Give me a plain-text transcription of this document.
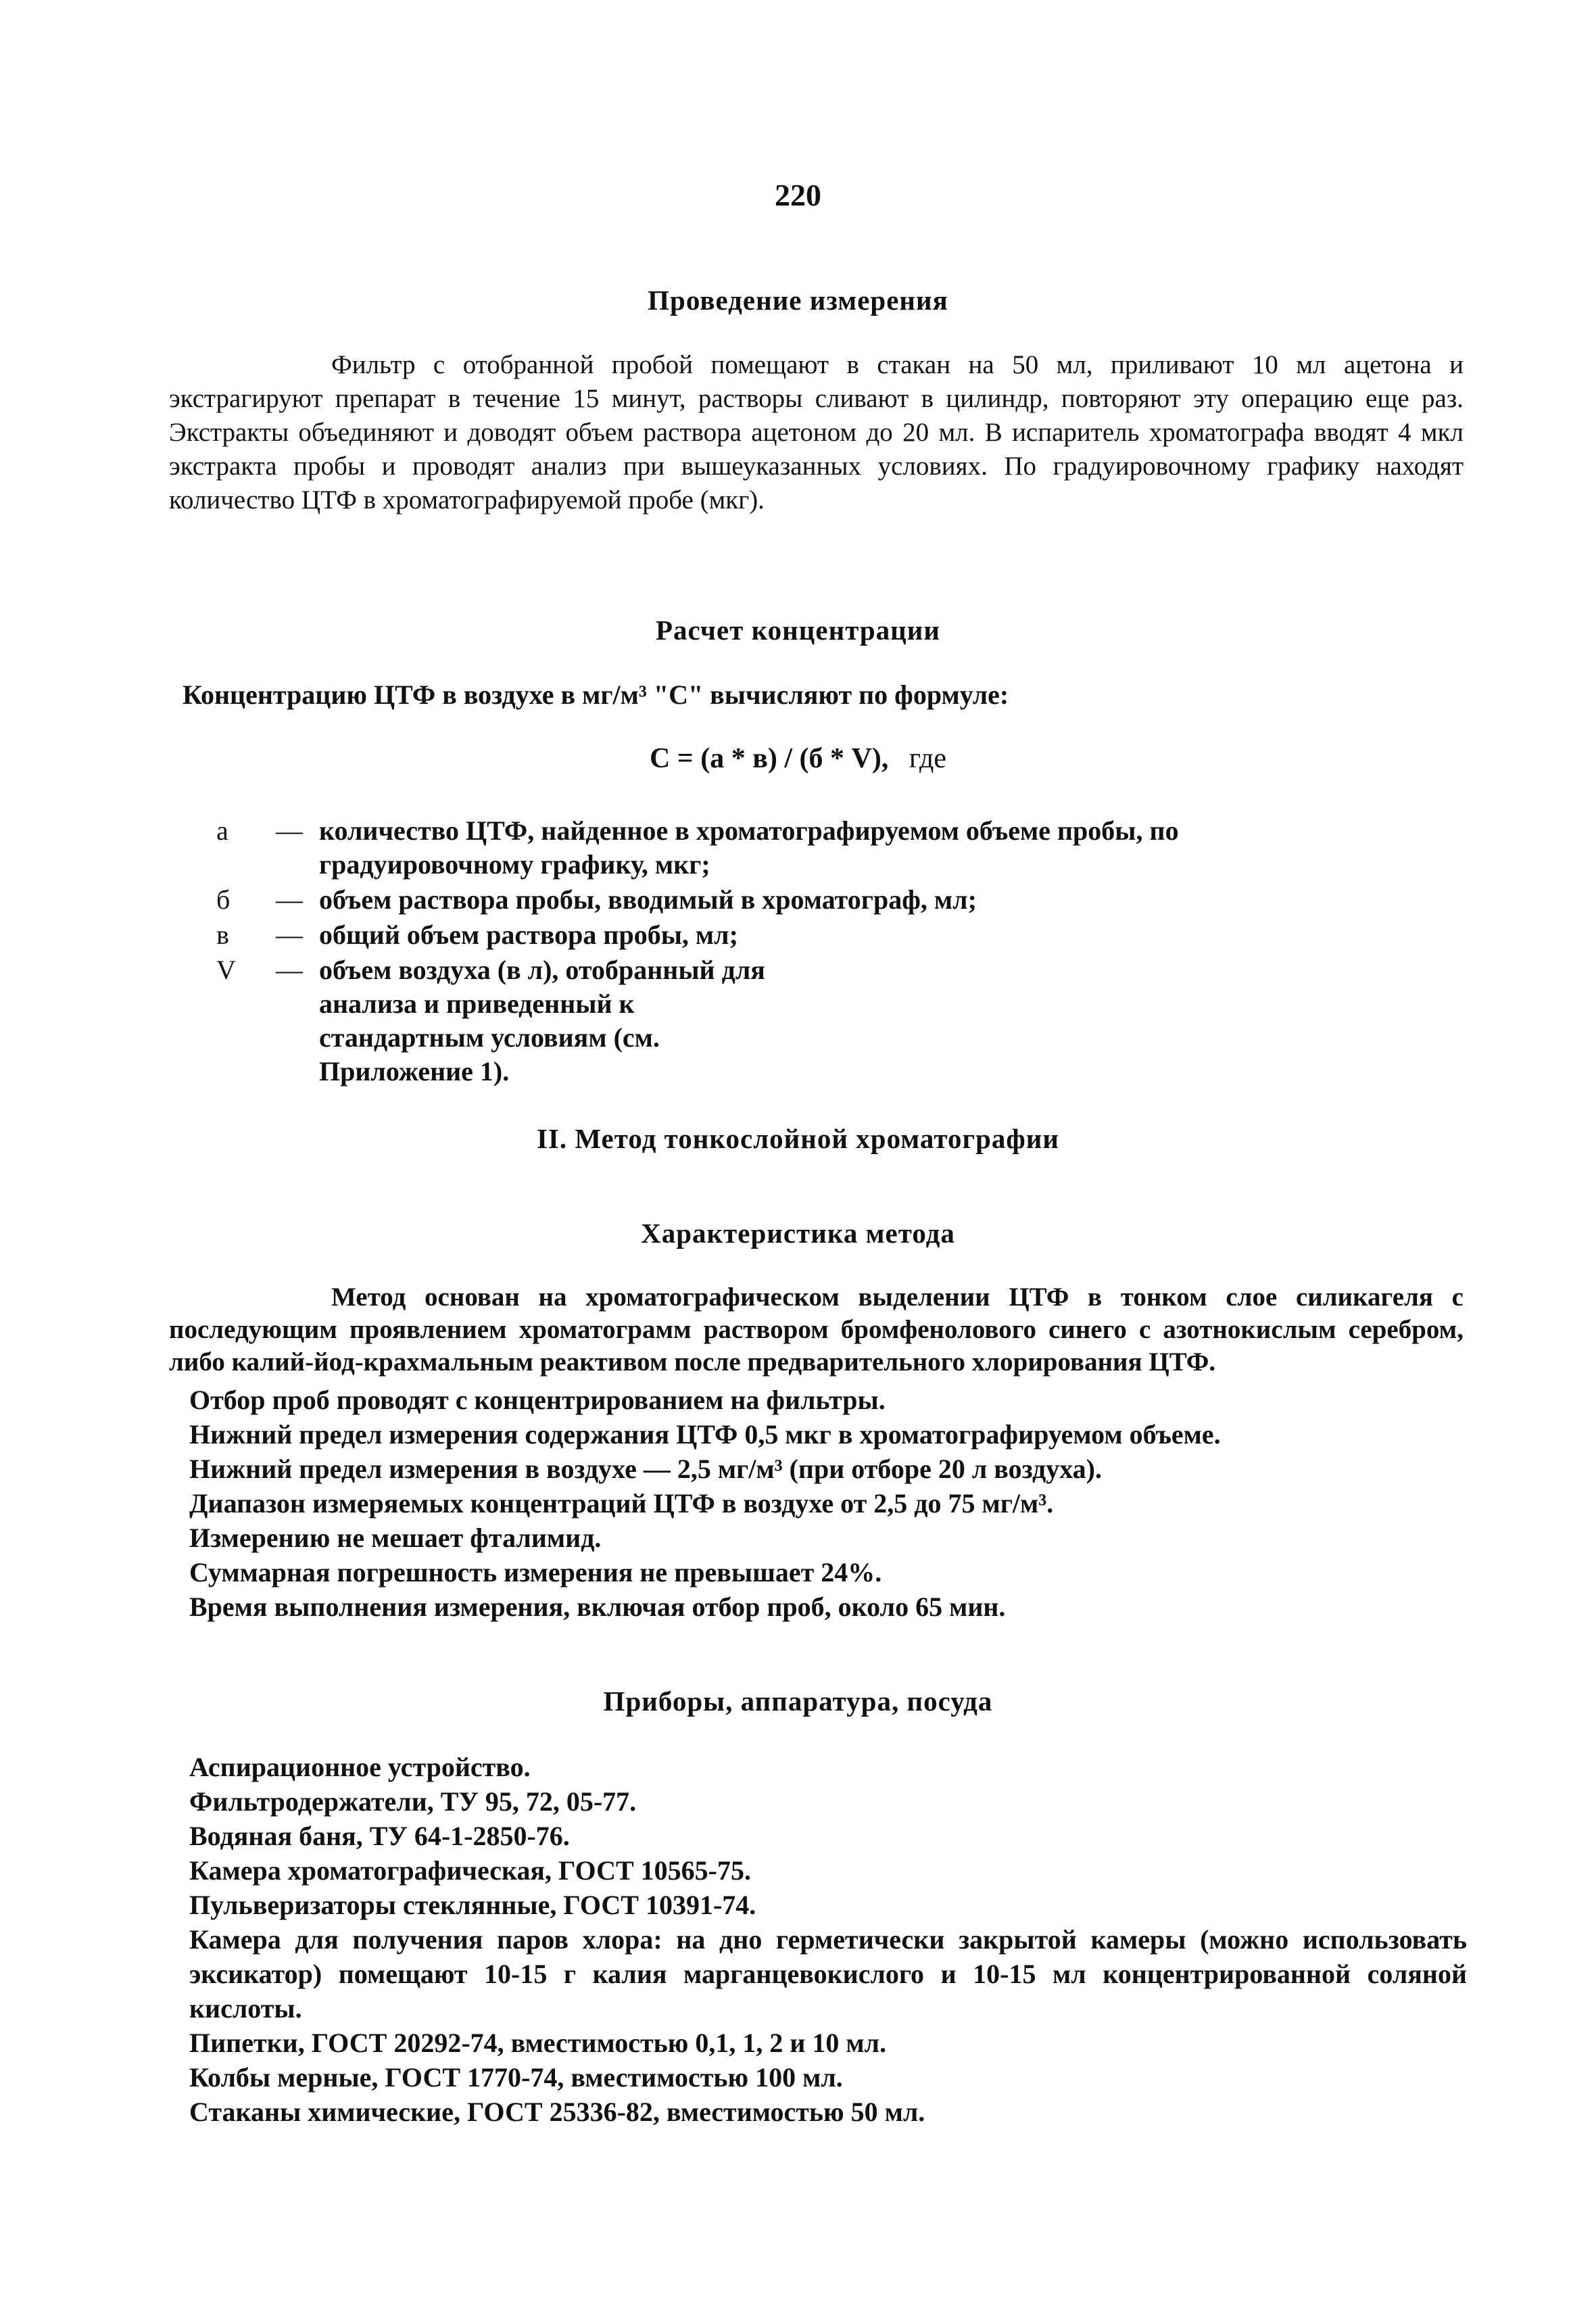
220
Проведение измерения
Фильтр с отобранной пробой помещают в стакан на 50 мл, приливают 10 мл ацетона и экстрагируют препарат в течение 15 минут, растворы сливают в цилиндр, повторяют эту операцию еще раз. Экстракты объединяют и доводят объем раствора ацетоном до 20 мл. В испаритель хроматографа вводят 4 мкл экстракта пробы и проводят анализ при вышеуказанных условиях. По градуировочному графику находят количество ЦТФ в хроматографируемой пробе (мкг).
Расчет концентрации
Концентрацию ЦТФ в воздухе в мг/м³ "С" вычисляют по формуле:
С = (а * в) / (б * V), где
а	— количество ЦТФ, найденное в хроматографируемом объеме пробы, по градуировочному графику, мкг;
б	— объем раствора пробы, вводимый в хроматограф, мл;
в	— общий объем раствора пробы, мл;
V	— объем воздуха (в л), отобранный для анализа и приведенный к стандартным условиям (см. Приложение 1).
II. Метод тонкослойной хроматографии
Характеристика метода
Метод основан на хроматографическом выделении ЦТФ в тонком слое силикагеля с последующим проявлением хроматограмм раствором бромфенолового синего с азотнокислым серебром, либо калий-йод-крахмальным реактивом после предварительного хлорирования ЦТФ.
Отбор проб проводят с концентрированием на фильтры.
Нижний предел измерения содержания ЦТФ 0,5 мкг в хроматографируемом объеме.
Нижний предел измерения в воздухе — 2,5 мг/м³ (при отборе 20 л воздуха).
Диапазон измеряемых концентраций ЦТФ в воздухе от 2,5 до 75 мг/м³.
Измерению не мешает фталимид.
Суммарная погрешность измерения не превышает 24%.
Время выполнения измерения, включая отбор проб, около 65 мин.
Приборы, аппаратура, посуда
Аспирационное устройство.
Фильтродержатели, ТУ 95, 72, 05-77.
Водяная баня, ТУ 64-1-2850-76.
Камера хроматографическая, ГОСТ 10565-75.
Пульверизаторы стеклянные, ГОСТ 10391-74.
Камера для получения паров хлора: на дно герметически закрытой камеры (можно использовать эксикатор) помещают 10-15 г калия марганцевокислого и 10-15 мл концентрированной соляной кислоты.
Пипетки, ГОСТ 20292-74, вместимостью 0,1, 1, 2 и 10 мл.
Колбы мерные, ГОСТ 1770-74, вместимостью 100 мл.
Стаканы химические, ГОСТ 25336-82, вместимостью 50 мл.
